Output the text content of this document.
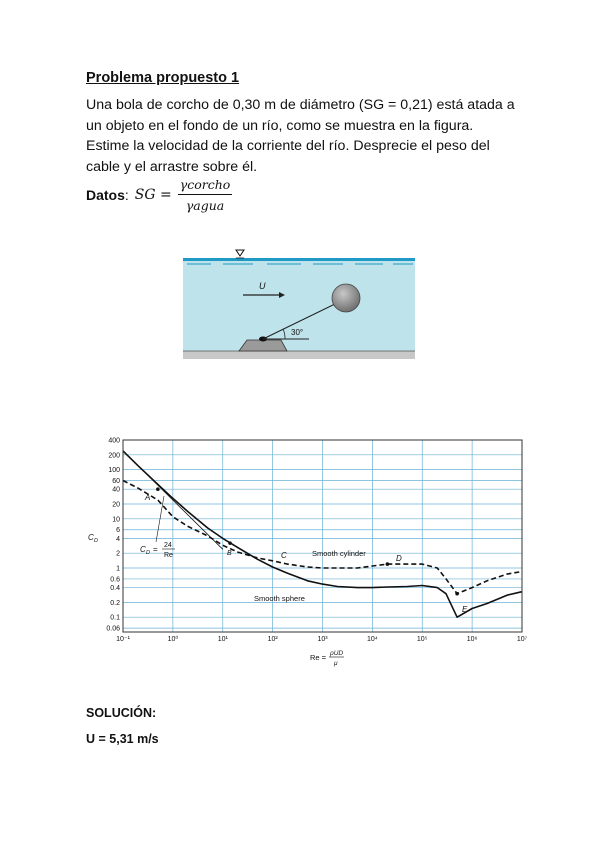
Problema propuesto 1

Una bola de corcho de 0,30 m de diámetro (SG = 0,21) está atada a un objeto en el fondo de un río, como se muestra en la figura. Estime la velocidad de la corriente del río. Desprecie el peso del cable y el arrastre sobre él.

Datos : SG = $\frac{\text{γcorcho}}{\text{γagua}}$
U
30°
400
200
100
60
40
20
10
6
4
2
1
0.6
0.4
0.2
0.1
0.06
10⁻¹	10⁰	10¹	10²	10³	10⁴	10⁵	10⁶	10⁷
Smooth cylinder
Smooth sphere
A
B	C	D
E
C D = 24
Re
C D
Re = ρUD
μ

SOLUCIÓN:

U = 5,31 m/s
